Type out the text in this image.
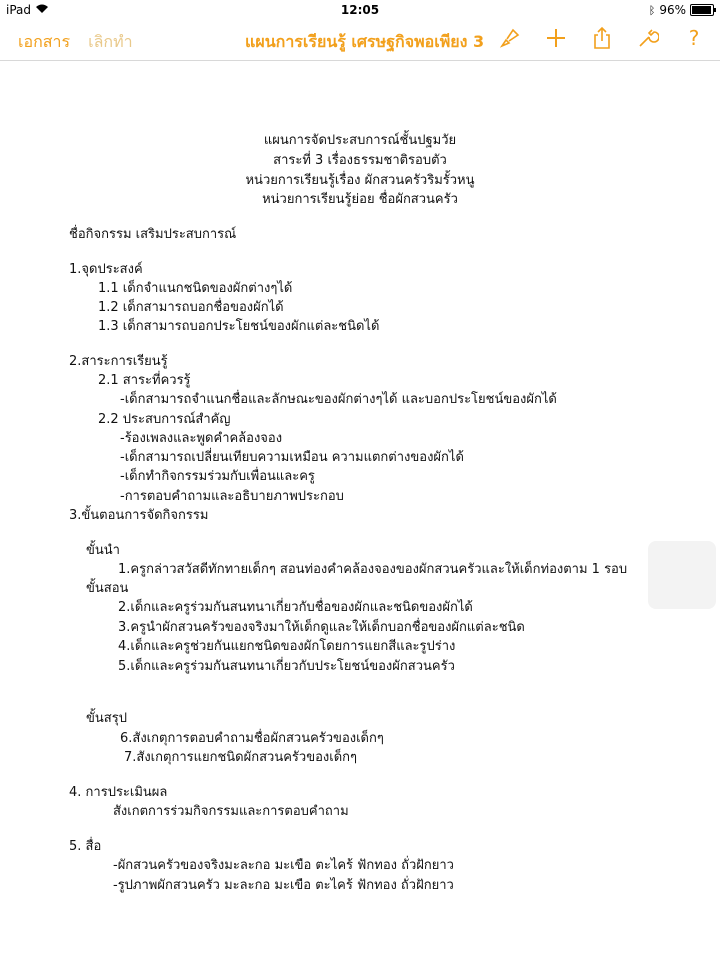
iPad	12:05	ᛒ 96%
เอกสาร เลิกทำ	แผนการเรียนรู้ เศรษฐกิจพอเพียง 3	?
แผนการจัดประสบการณ์ชั้นปฐมวัย
สาระที่ 3 เรื่องธรรมชาติรอบตัว
หน่วยการเรียนรู้เรื่อง ผักสวนครัวริมรั้วหนู
หน่วยการเรียนรู้ย่อย ชื่อผักสวนครัว
ชื่อกิจกรรม เสริมประสบการณ์
1.จุดประสงค์
1.1 เด็กจำแนกชนิดของผักต่างๆได้
1.2 เด็กสามารถบอกชื่อของผักได้
1.3 เด็กสามารถบอกประโยชน์ของผักแต่ละชนิดได้
2.สาระการเรียนรู้
2.1 สาระที่ควรรู้
-เด็กสามารถจำแนกชื่อและลักษณะของผักต่างๆได้ และบอกประโยชน์ของผักได้
2.2 ประสบการณ์สำคัญ
-ร้องเพลงและพูดคำคล้องจอง
-เด็กสามารถเปลี่ยนเทียบความเหมือน ความแตกต่างของผักได้
-เด็กทำกิจกรรมร่วมกับเพื่อนและครู
-การตอบคำถามและอธิบายภาพประกอบ
3.ขั้นตอนการจัดกิจกรรม
ขั้นนำ
1.ครูกล่าวสวัสดีทักทายเด็กๆ สอนท่องคำคล้องจองของผักสวนครัวและให้เด็กท่องตาม 1 รอบ
ขั้นสอน
2.เด็กและครูร่วมกันสนทนาเกี่ยวกับชื่อของผักและชนิดของผักได้
3.ครูนำผักสวนครัวของจริงมาให้เด็กดูและให้เด็กบอกชื่อของผักแต่ละชนิด
4.เด็กและครูช่วยกันแยกชนิดของผักโดยการแยกสีและรูปร่าง
5.เด็กและครูร่วมกันสนทนาเกี่ยวกับประโยชน์ของผักสวนครัว
ขั้นสรุป
6.สังเกตุการตอบคำถามชื่อผักสวนครัวของเด็กๆ
7.สังเกตุการแยกชนิดผักสวนครัวของเด็กๆ
4. การประเมินผล
สังเกตการร่วมกิจกรรมและการตอบคำถาม
5. สื่อ
-ผักสวนครัวของจริงมะละกอ มะเขือ ตะไคร้ ฟักทอง ถั่วฝักยาว
-รูปภาพผักสวนครัว มะละกอ มะเขือ ตะไคร้ ฟักทอง ถั่วฝักยาว
